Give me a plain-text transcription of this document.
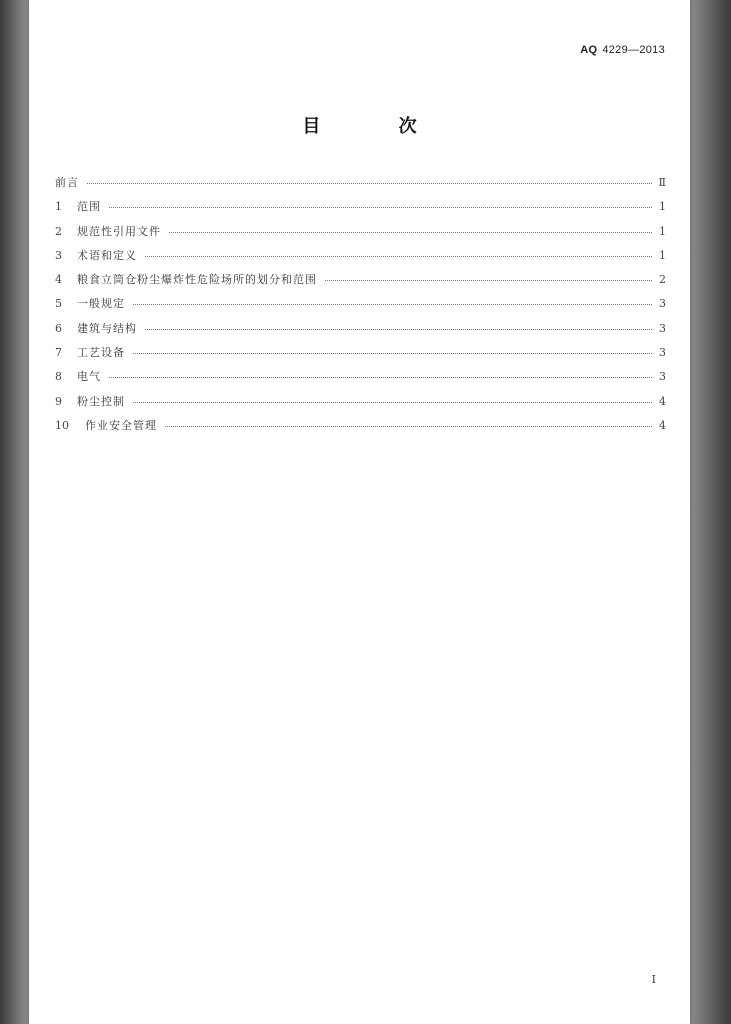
AQ 4229—2013
目 次
前言	Ⅱ
1	范围	1
2	规范性引用文件	1
3	术语和定义	1
4	粮食立筒仓粉尘爆炸性危险场所的划分和范围	2
5	一般规定	3
6	建筑与结构	3
7	工艺设备	3
8	电气	3
9	粉尘控制	4
10	作业安全管理	4
Ⅰ
